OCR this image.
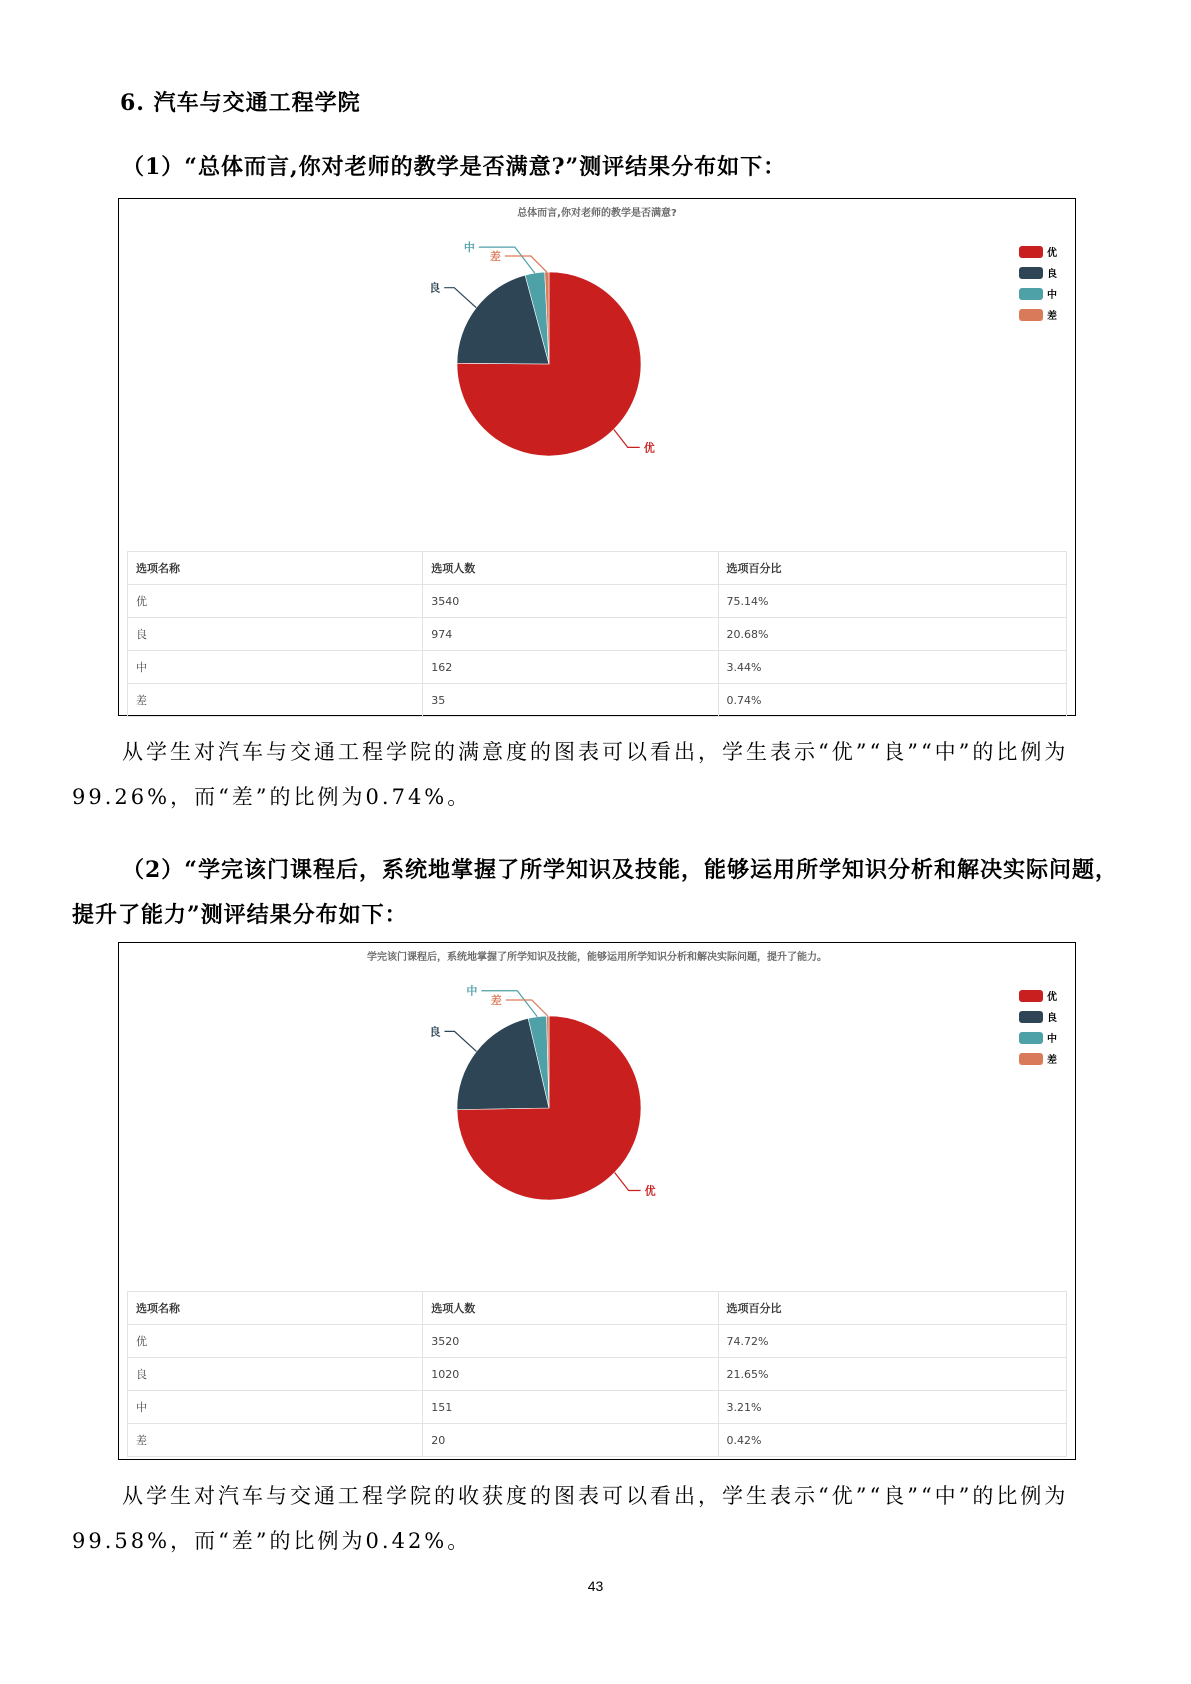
6. 汽车与交通工程学院
（1）“总体而言,你对老师的教学是否满意?”测评结果分布如下：
总体而言,你对老师的教学是否满意?
优
良
中
差	优
良
中
差
选项名称	选项人数	选项百分比
优	3540	75.14%
良	974	20.68%
中	162	3.44%
差	35	0.74%
从学生对汽车与交通工程学院的满意度的图表可以看出，学生表示“优”“良”“中”的比例为99.26%，而“差”的比例为0.74%。
（2）“学完该门课程后，系统地掌握了所学知识及技能，能够运用所学知识分析和解决实际问题，提升了能力”测评结果分布如下：
学完该门课程后，系统地掌握了所学知识及技能，能够运用所学知识分析和解决实际问题，提升了能力。
优
良
中
差	优
良
中
差
选项名称	选项人数	选项百分比
优	3520	74.72%
良	1020	21.65%
中	151	3.21%
差	20	0.42%
从学生对汽车与交通工程学院的收获度的图表可以看出，学生表示“优”“良”“中”的比例为99.58%，而“差”的比例为0.42%。
43
